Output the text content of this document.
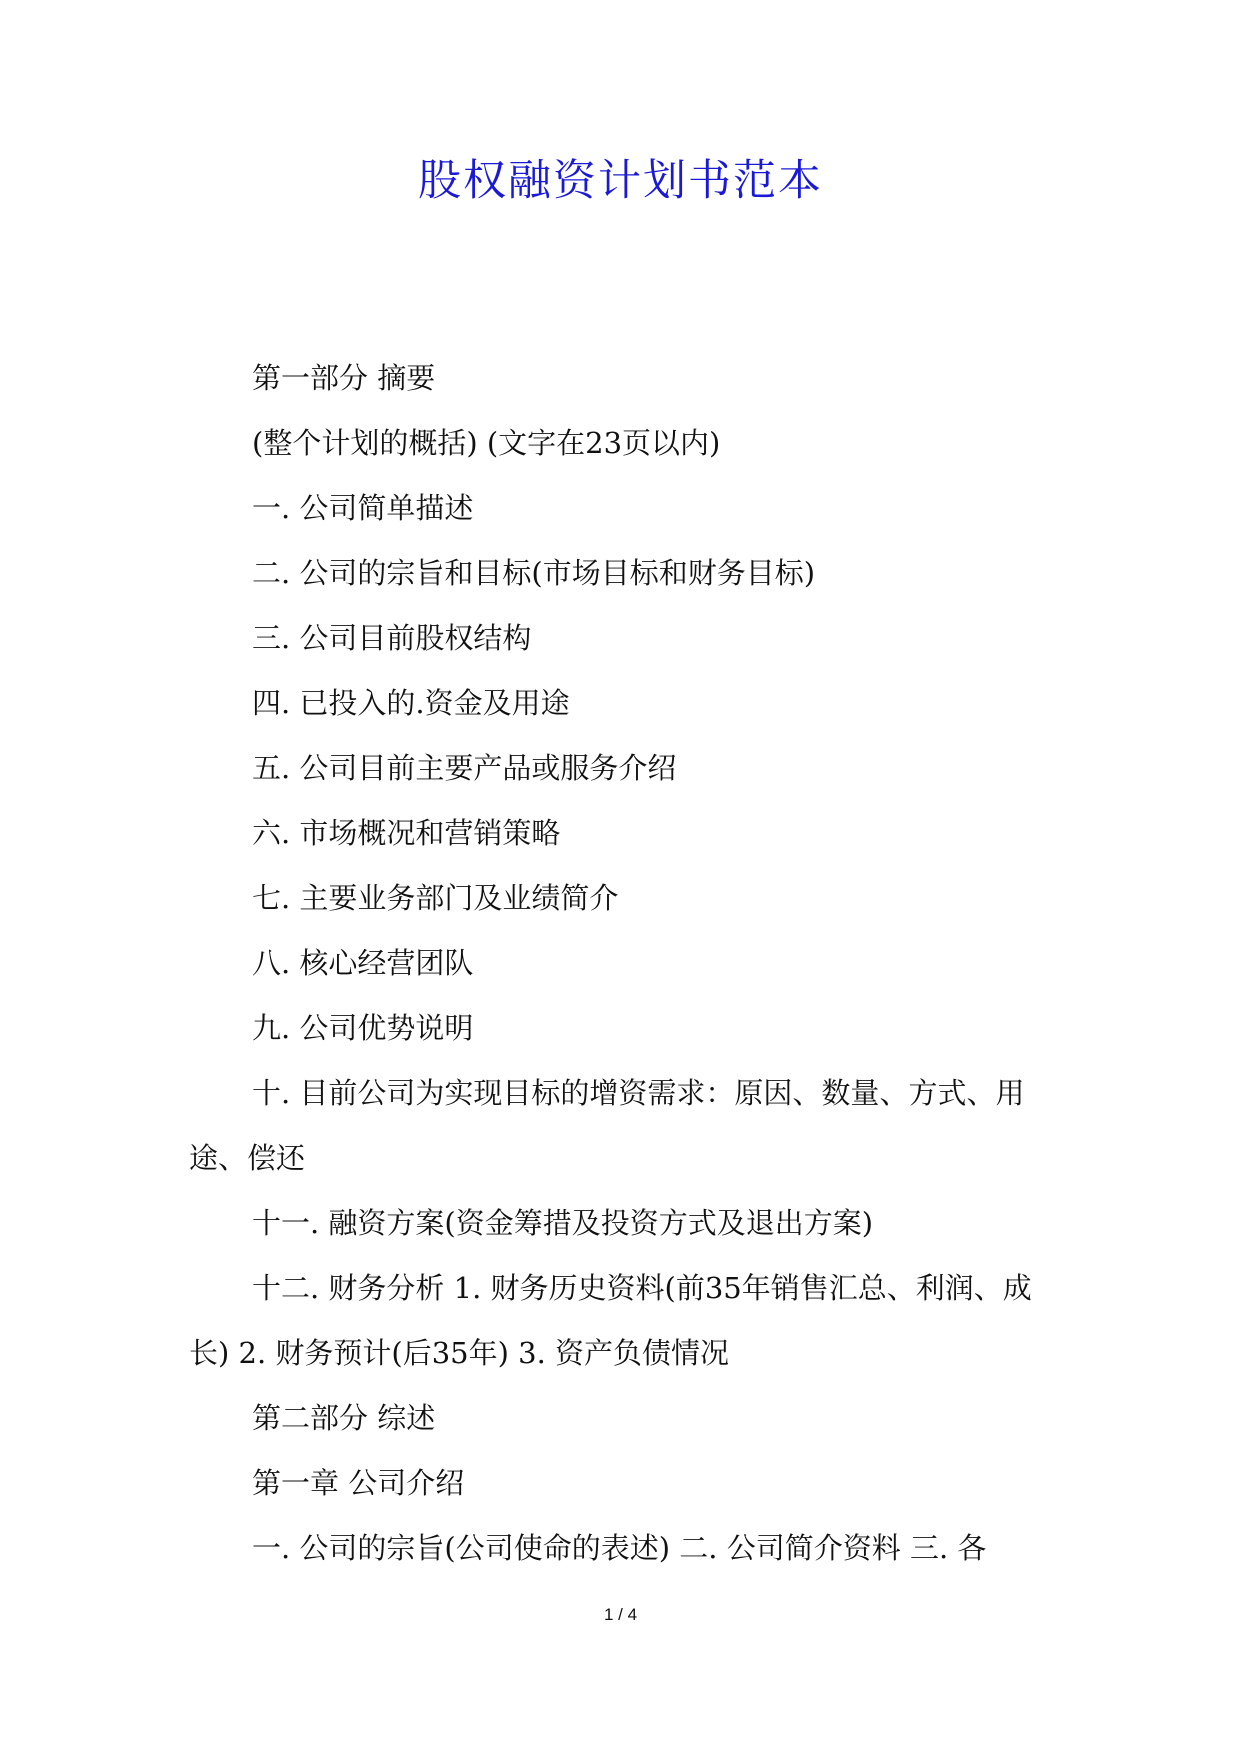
股权融资计划书范本

第一部分 摘要

(整个计划的概括) (文字在23页以内)

一. 公司简单描述

二. 公司的宗旨和目标(市场目标和财务目标)

三. 公司目前股权结构

四. 已投入的.资金及用途

五. 公司目前主要产品或服务介绍

六. 市场概况和营销策略

七. 主要业务部门及业绩简介

八. 核心经营团队

九. 公司优势说明

十. 目前公司为实现目标的增资需求：原因、数量、方式、用途、偿还

十一. 融资方案(资金筹措及投资方式及退出方案)

十二. 财务分析 1. 财务历史资料(前35年销售汇总、利润、成长) 2. 财务预计(后35年) 3. 资产负债情况

第二部分 综述

第一章 公司介绍

一. 公司的宗旨(公司使命的表述) 二. 公司简介资料 三. 各

1 / 4
